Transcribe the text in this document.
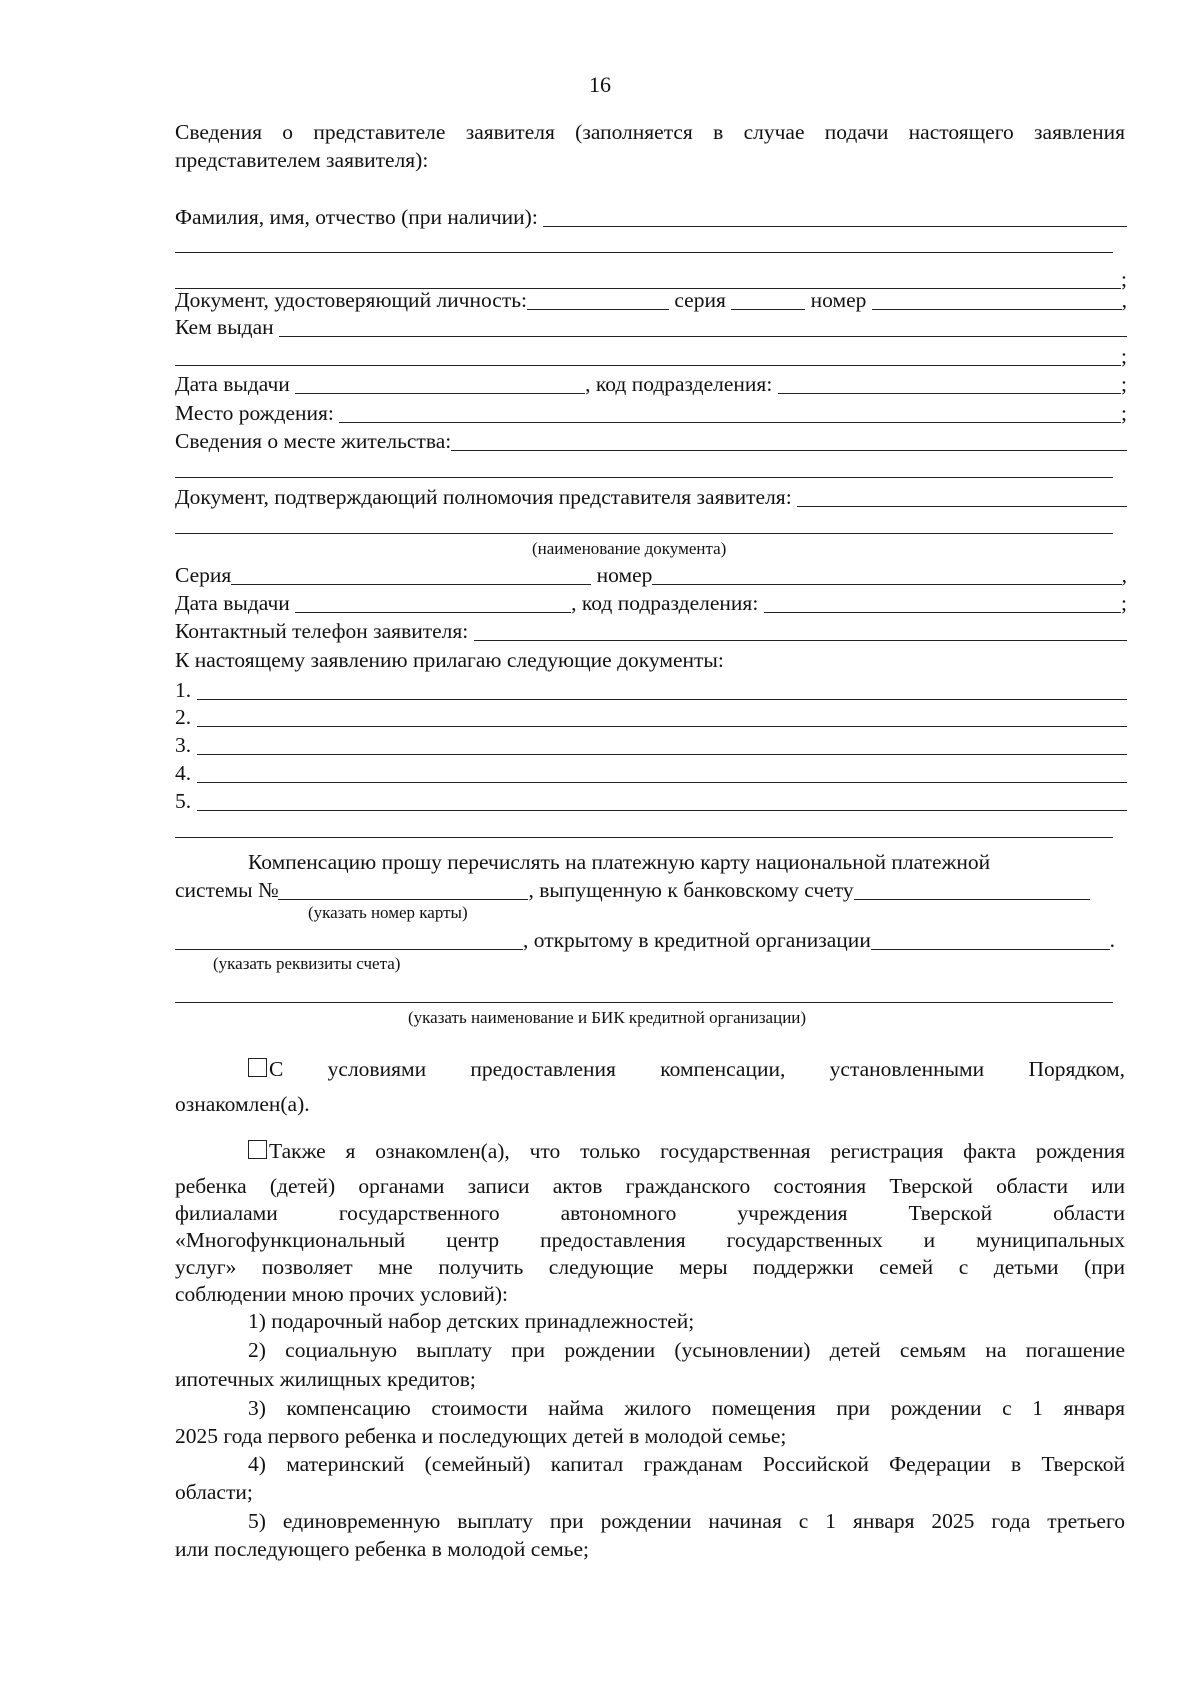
16
Сведения о представителе заявителя (заполняется в случае подачи настоящего заявления
представителем заявителя):
Фамилия, имя, отчество (при наличии):

;
Документ, удостоверяющий личность:
	серия

	номер
	,
Кем выдан

;
Дата выдачи
	, код подразделения:
	;
Место рождения:
	;
Сведения о месте жительства:
Документ, подтверждающий полномочия представителя заявителя:

(наименование документа)
Серия
	номер	,
Дата выдачи
	, код подразделения:
	;
Контактный телефон заявителя:

К настоящему заявлению прилагаю следующие документы:
1.

2.

3.

4.

5.

Компенсацию прошу перечислять на платежную карту национальной платежной
системы №	, выпущенную к банковскому счету
(указать номер карты)
, открытому в кредитной организации	.
(указать реквизиты счета)
(указать наименование и БИК кредитной организации)
С условиями предоставления компенсации, установленными Порядком,
ознакомлен(а).
Также я ознакомлен(а), что только государственная регистрация факта рождения
ребенка (детей) органами записи актов гражданского состояния Тверской области или
филиалами государственного автономного учреждения Тверской области
«Многофункциональный центр предоставления государственных и муниципальных
услуг» позволяет мне получить следующие меры поддержки семей с детьми (при
соблюдении мною прочих условий):
1) подарочный набор детских принадлежностей;
2) социальную выплату при рождении (усыновлении) детей семьям на погашение
ипотечных жилищных кредитов;
3) компенсацию стоимости найма жилого помещения при рождении с 1 января
2025 года первого ребенка и последующих детей в молодой семье;
4) материнский (семейный) капитал гражданам Российской Федерации в Тверской
области;
5) единовременную выплату при рождении начиная с 1 января 2025 года третьего
или последующего ребенка в молодой семье;
